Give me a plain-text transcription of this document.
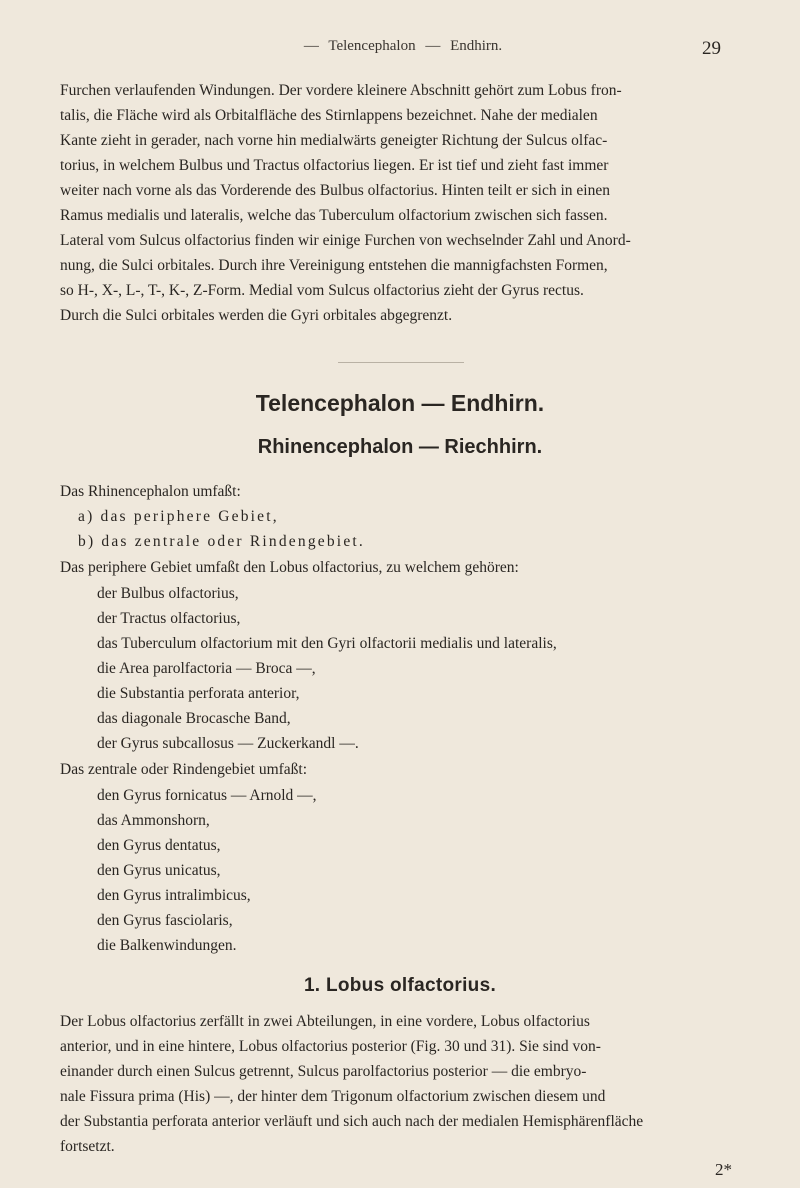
— Telencephalon — Endhirn.	29
Furchen verlaufenden Windungen. Der vordere kleinere Abschnitt gehört zum Lobus fron-
talis, die Fläche wird als Orbitalfläche des Stirnlappens bezeichnet. Nahe der medialen
Kante zieht in gerader, nach vorne hin medialwärts geneigter Richtung der Sulcus olfac-
torius, in welchem Bulbus und Tractus olfactorius liegen. Er ist tief und zieht fast immer
weiter nach vorne als das Vorderende des Bulbus olfactorius. Hinten teilt er sich in einen
Ramus medialis und lateralis, welche das Tuberculum olfactorium zwischen sich fassen.
Lateral vom Sulcus olfactorius finden wir einige Furchen von wechselnder Zahl und Anord-
nung, die Sulci orbitales. Durch ihre Vereinigung entstehen die mannigfachsten Formen,
so H-, X-, L-, T-, K-, Z-Form. Medial vom Sulcus olfactorius zieht der Gyrus rectus.
Durch die Sulci orbitales werden die Gyri orbitales abgegrenzt.
Telencephalon — Endhirn.
Rhinencephalon — Riechhirn.
Das Rhinencephalon umfaßt:
a) das periphere Gebiet,
b) das zentrale oder Rindengebiet.
Das periphere Gebiet umfaßt den Lobus olfactorius, zu welchem gehören:
der Bulbus olfactorius,
der Tractus olfactorius,
das Tuberculum olfactorium mit den Gyri olfactorii medialis und lateralis,
die Area parolfactoria — Broca —,
die Substantia perforata anterior,
das diagonale Brocasche Band,
der Gyrus subcallosus — Zuckerkandl —.
Das zentrale oder Rindengebiet umfaßt:
den Gyrus fornicatus — Arnold —,
das Ammonshorn,
den Gyrus dentatus,
den Gyrus unicatus,
den Gyrus intralimbicus,
den Gyrus fasciolaris,
die Balkenwindungen.
1. Lobus olfactorius.
Der Lobus olfactorius zerfällt in zwei Abteilungen, in eine vordere, Lobus olfactorius
anterior, und in eine hintere, Lobus olfactorius posterior (Fig. 30 und 31). Sie sind von-
einander durch einen Sulcus getrennt, Sulcus parolfactorius posterior — die embryo-
nale Fissura prima (His) —, der hinter dem Trigonum olfactorium zwischen diesem und
der Substantia perforata anterior verläuft und sich auch nach der medialen Hemisphärenfläche
fortsetzt.
2*
